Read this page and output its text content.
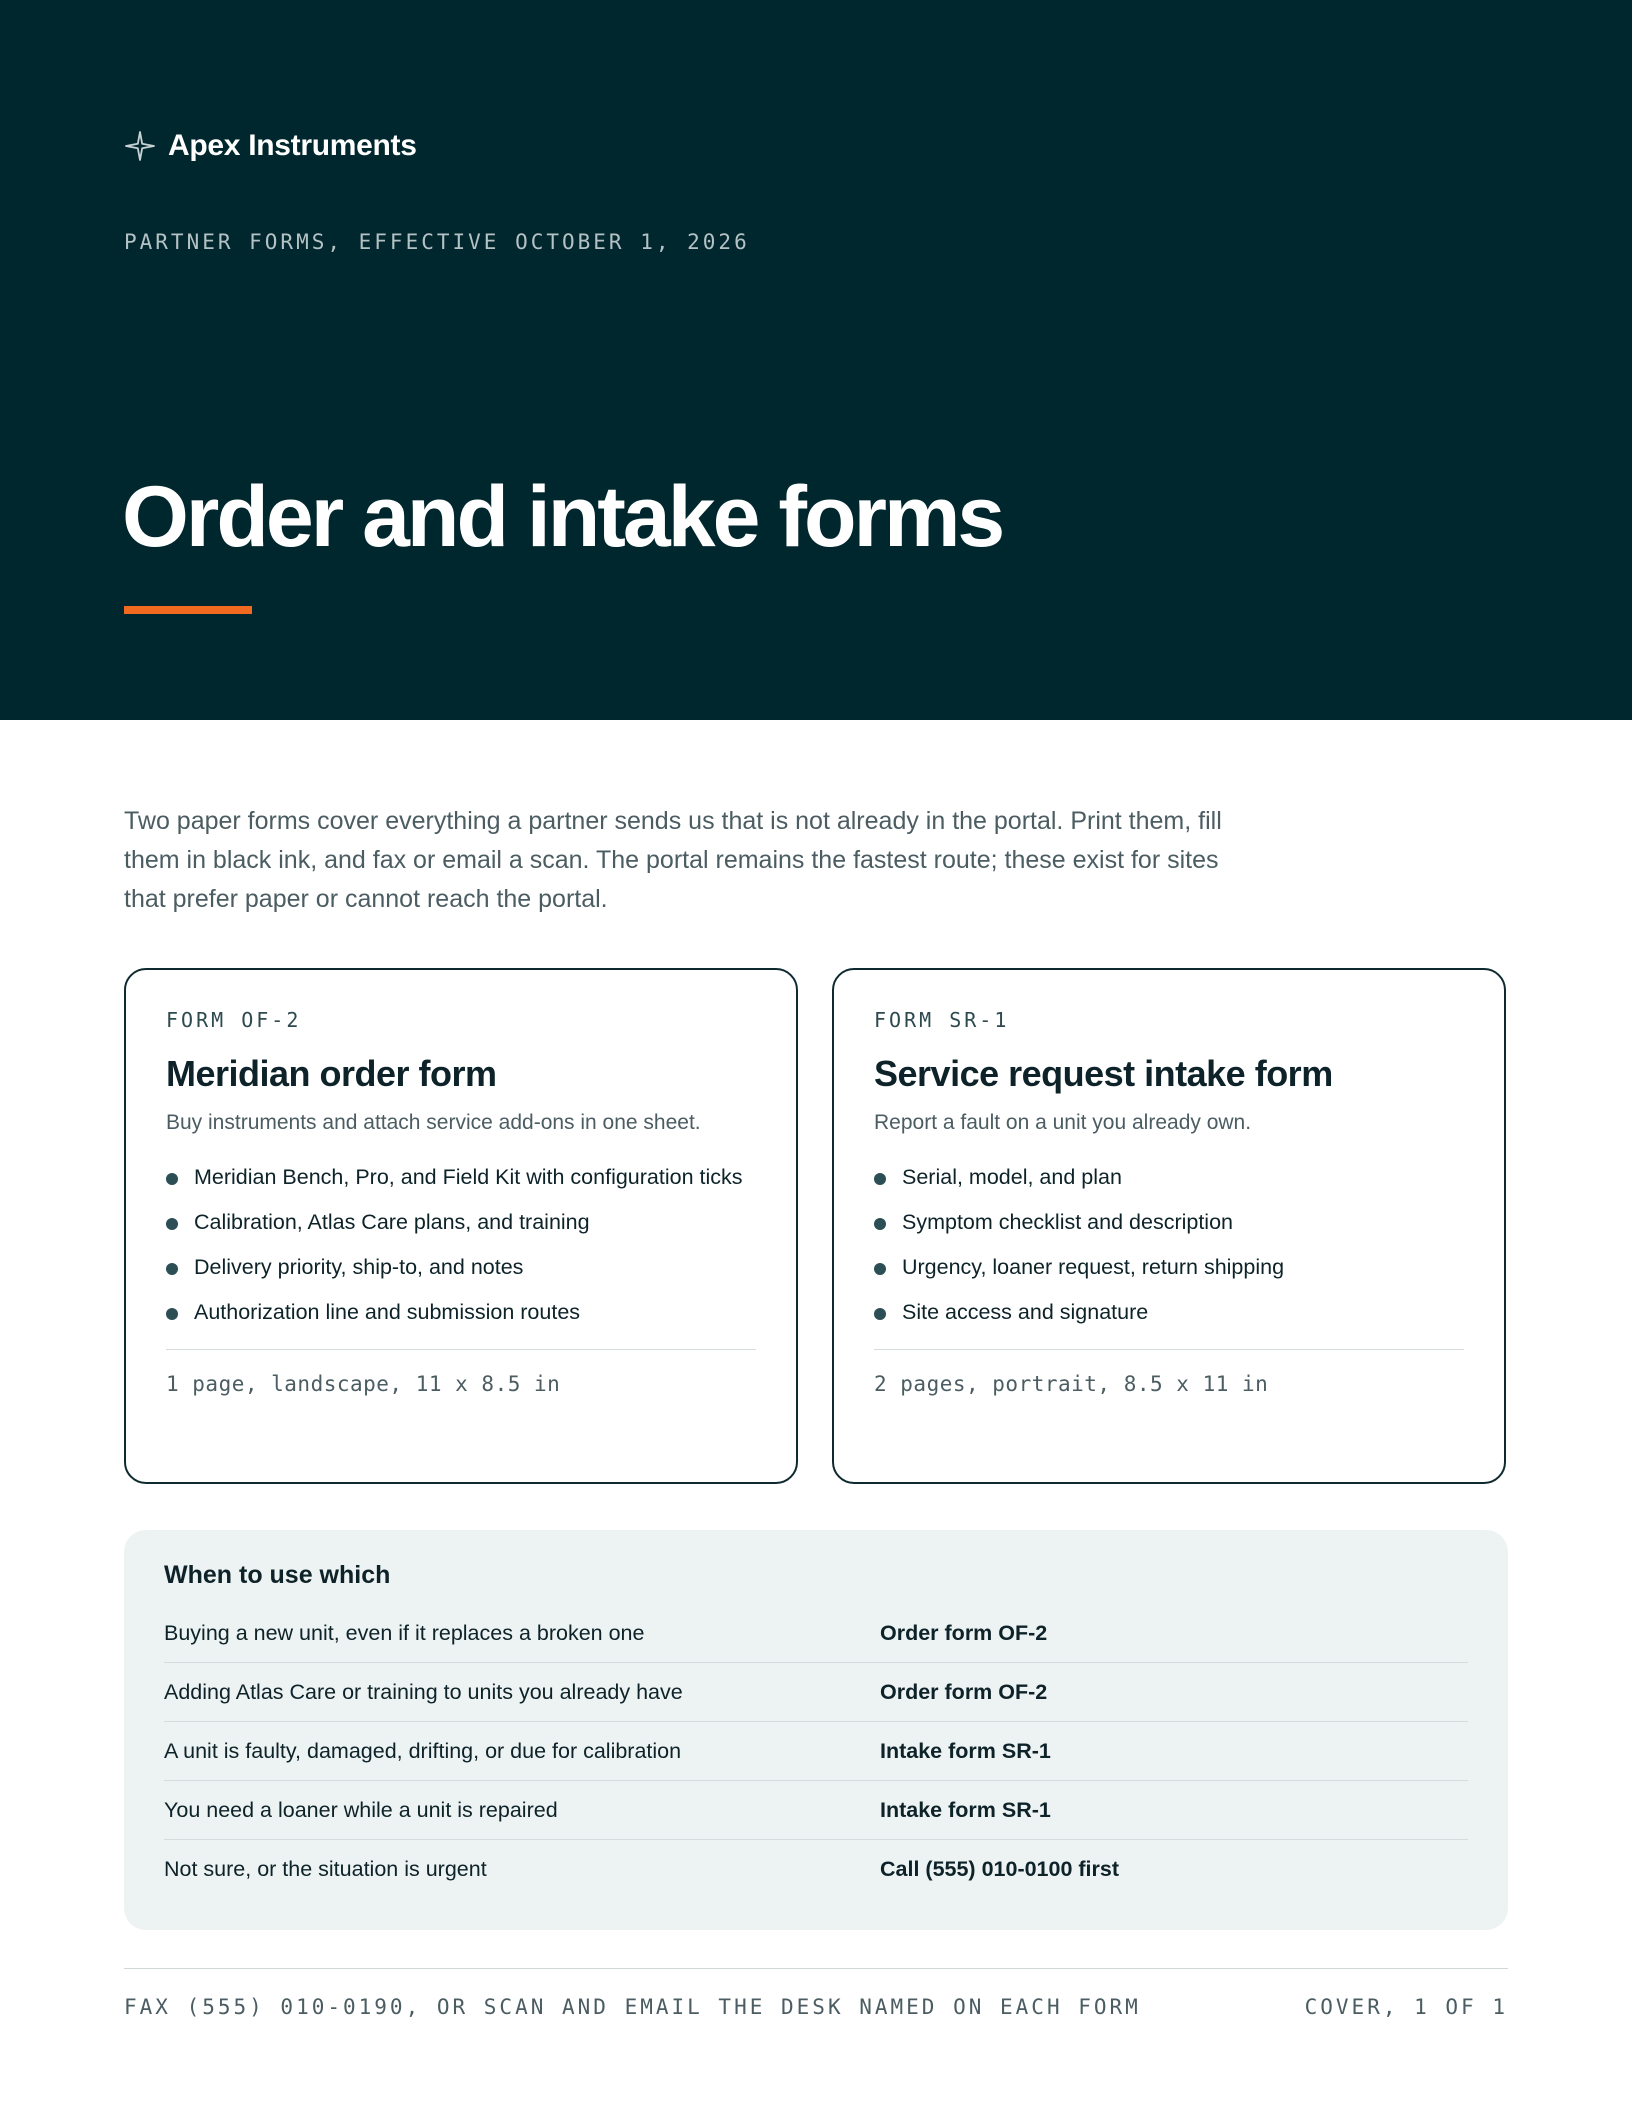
Apex Instruments
PARTNER FORMS, EFFECTIVE OCTOBER 1, 2026
Order and intake forms

Two paper forms cover everything a partner sends us that is not already in the portal. Print them, fill them in black ink, and fax or email a scan. The portal remains the fastest route; these exist for sites that prefer paper or cannot reach the portal.

FORM OF-2
Meridian order form

Buy instruments and attach service add-ons in one sheet.

Meridian Bench, Pro, and Field Kit with configuration ticks
Calibration, Atlas Care plans, and training
Delivery priority, ship-to, and notes
Authorization line and submission routes
1 page, landscape, 11 x 8.5 in
FORM SR-1
Service request intake form

Report a fault on a unit you already own.

Serial, model, and plan
Symptom checklist and description
Urgency, loaner request, return shipping
Site access and signature
2 pages, portrait, 8.5 x 11 in
When to use which
Buying a new unit, even if it replaces a broken one	Order form OF-2
Adding Atlas Care or training to units you already have	Order form OF-2
A unit is faulty, damaged, drifting, or due for calibration	Intake form SR-1
You need a loaner while a unit is repaired	Intake form SR-1
Not sure, or the situation is urgent	Call (555) 010-0100 first
FAX (555) 010-0190, OR SCAN AND EMAIL THE DESK NAMED ON EACH FORM	COVER, 1 OF 1
